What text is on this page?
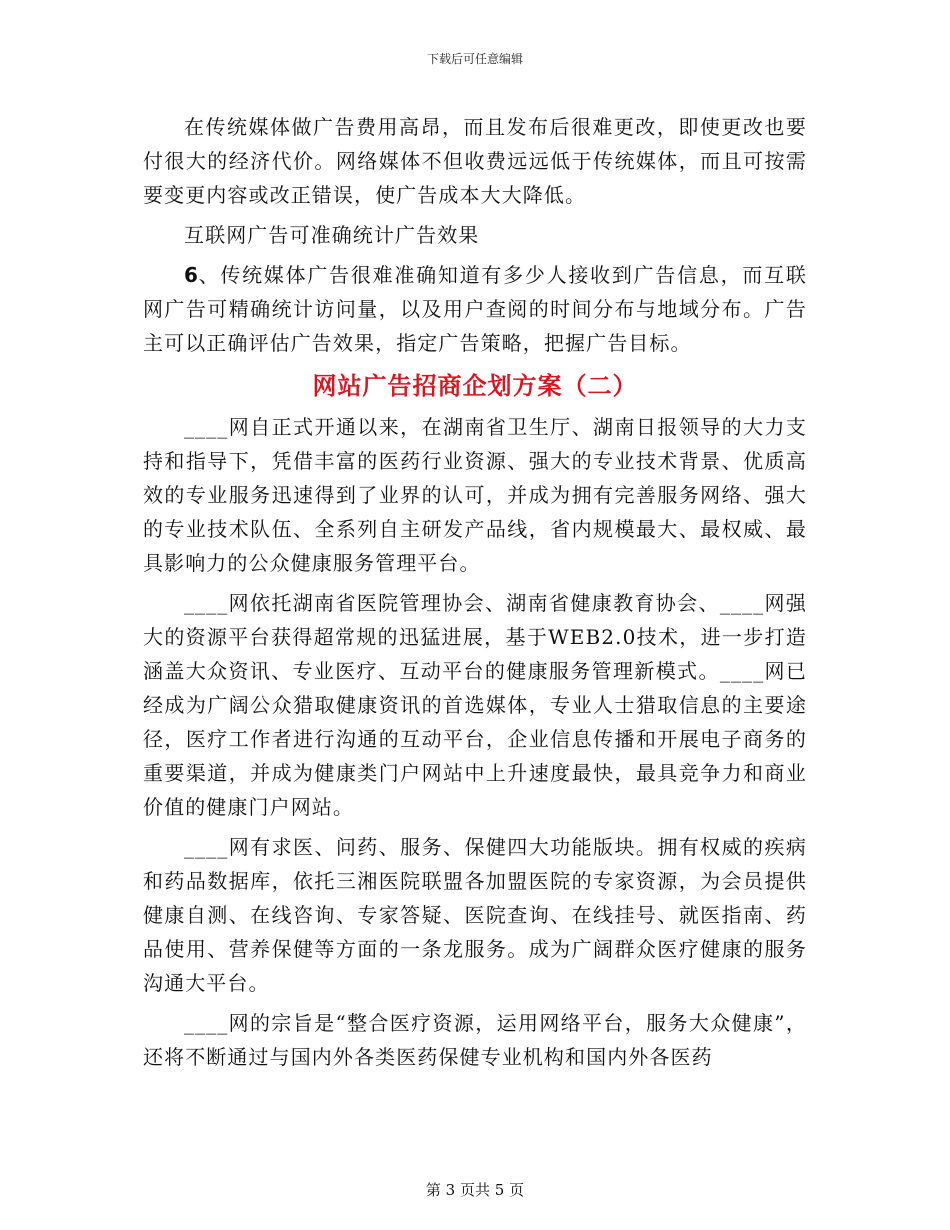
下载后可任意编辑

在传统媒体做广告费用高昂，而且发布后很难更改，即使更改也要付很大的经济代价。网络媒体不但收费远远低于传统媒体，而且可按需要变更内容或改正错误，使广告成本大大降低。

互联网广告可准确统计广告效果

6、传统媒体广告很难准确知道有多少人接收到广告信息，而互联网广告可精确统计访问量，以及用户查阅的时间分布与地域分布。广告主可以正确评估广告效果，指定广告策略，把握广告目标。

网站广告招商企划方案（二）

____网自正式开通以来，在湖南省卫生厅、湖南日报领导的大力支持和指导下，凭借丰富的医药行业资源、强大的专业技术背景、优质高效的专业服务迅速得到了业界的认可，并成为拥有完善服务网络、强大的专业技术队伍、全系列自主研发产品线，省内规模最大、最权威、最具影响力的公众健康服务管理平台。

____网依托湖南省医院管理协会、湖南省健康教育协会、____网强大的资源平台获得超常规的迅猛进展，基于WEB2.0技术，进一步打造涵盖大众资讯、专业医疗、互动平台的健康服务管理新模式。____网已经成为广阔公众猎取健康资讯的首选媒体，专业人士猎取信息的主要途径，医疗工作者进行沟通的互动平台，企业信息传播和开展电子商务的重要渠道，并成为健康类门户网站中上升速度最快，最具竞争力和商业价值的健康门户网站。

____网有求医、问药、服务、保健四大功能版块。拥有权威的疾病和药品数据库，依托三湘医院联盟各加盟医院的专家资源，为会员提供健康自测、在线咨询、专家答疑、医院查询、在线挂号、就医指南、药品使用、营养保健等方面的一条龙服务。成为广阔群众医疗健康的服务沟通大平台。

____网的宗旨是“整合医疗资源，运用网络平台，服务大众健康”，还将不断通过与国内外各类医药保健专业机构和国内外各医药

第 3 页共 5 页
